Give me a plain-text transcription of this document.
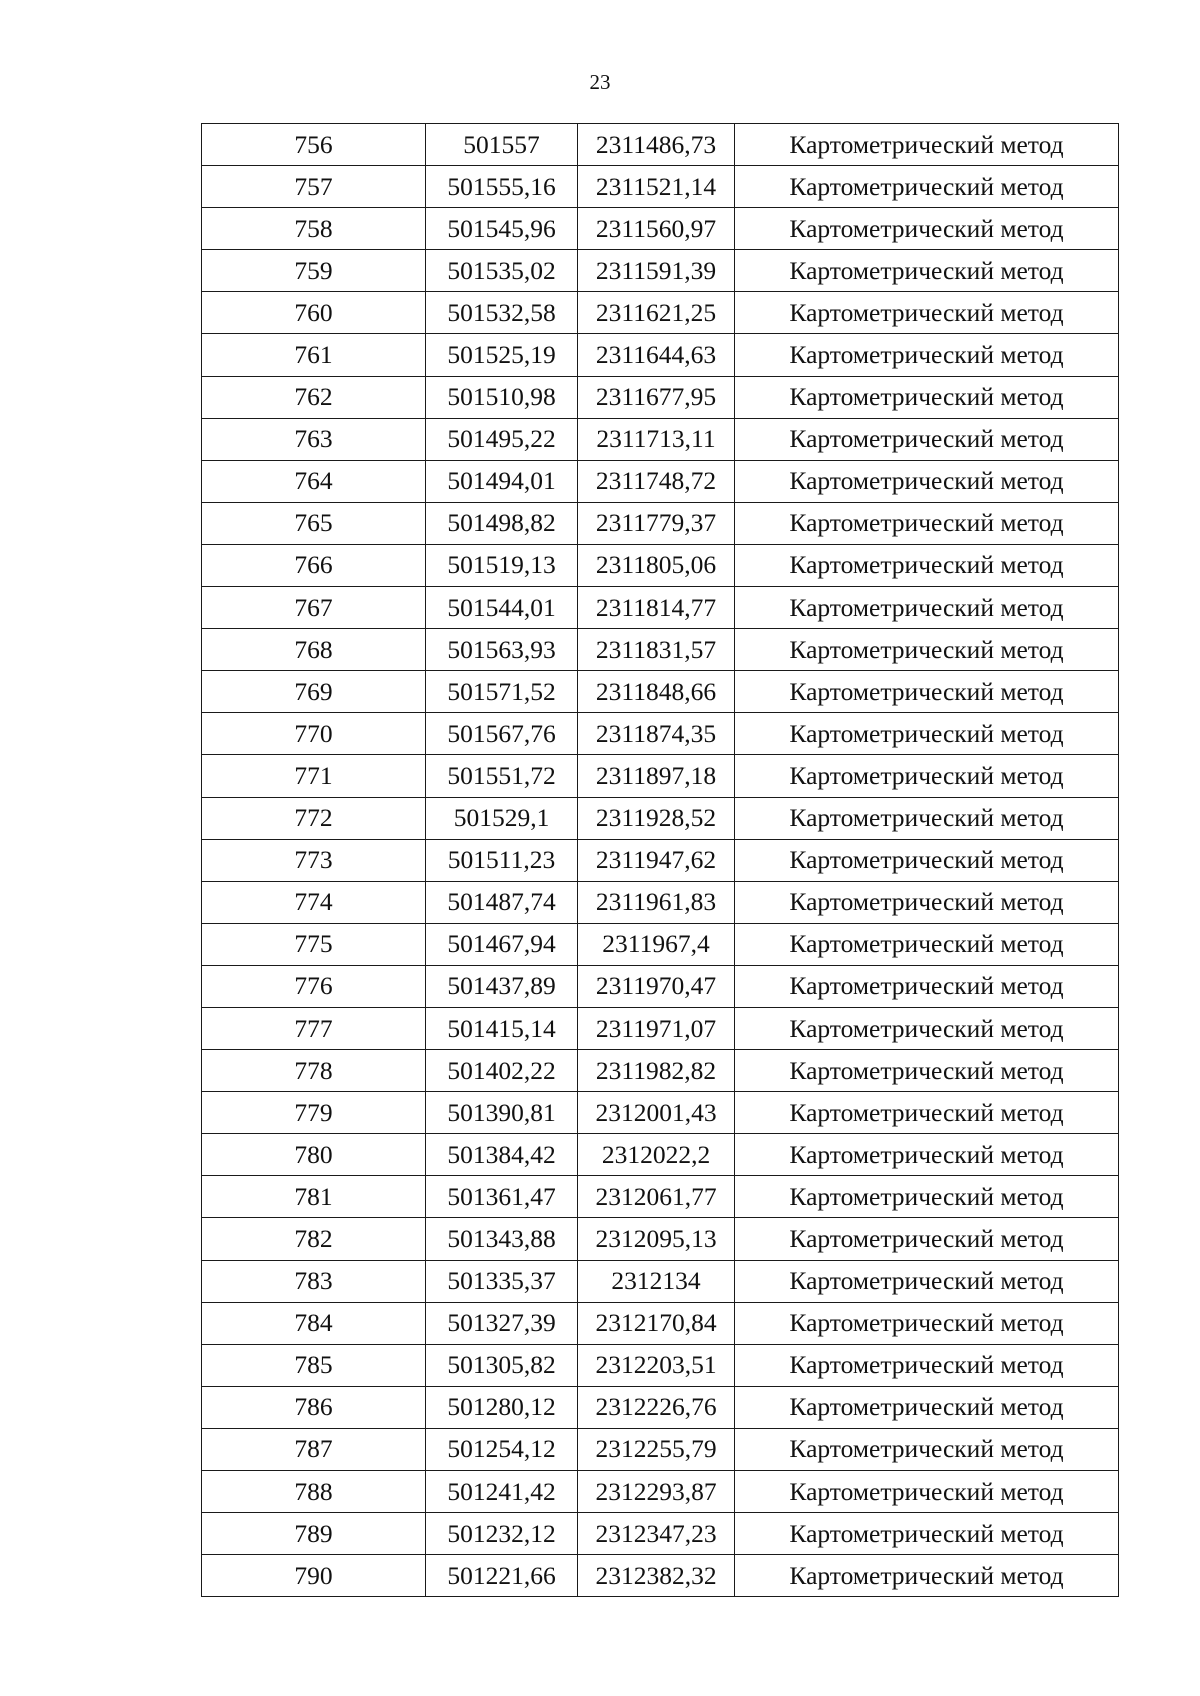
23
756	501557	2311486,73	Картометрический метод
757	501555,16	2311521,14	Картометрический метод
758	501545,96	2311560,97	Картометрический метод
759	501535,02	2311591,39	Картометрический метод
760	501532,58	2311621,25	Картометрический метод
761	501525,19	2311644,63	Картометрический метод
762	501510,98	2311677,95	Картометрический метод
763	501495,22	2311713,11	Картометрический метод
764	501494,01	2311748,72	Картометрический метод
765	501498,82	2311779,37	Картометрический метод
766	501519,13	2311805,06	Картометрический метод
767	501544,01	2311814,77	Картометрический метод
768	501563,93	2311831,57	Картометрический метод
769	501571,52	2311848,66	Картометрический метод
770	501567,76	2311874,35	Картометрический метод
771	501551,72	2311897,18	Картометрический метод
772	501529,1	2311928,52	Картометрический метод
773	501511,23	2311947,62	Картометрический метод
774	501487,74	2311961,83	Картометрический метод
775	501467,94	2311967,4	Картометрический метод
776	501437,89	2311970,47	Картометрический метод
777	501415,14	2311971,07	Картометрический метод
778	501402,22	2311982,82	Картометрический метод
779	501390,81	2312001,43	Картометрический метод
780	501384,42	2312022,2	Картометрический метод
781	501361,47	2312061,77	Картометрический метод
782	501343,88	2312095,13	Картометрический метод
783	501335,37	2312134	Картометрический метод
784	501327,39	2312170,84	Картометрический метод
785	501305,82	2312203,51	Картометрический метод
786	501280,12	2312226,76	Картометрический метод
787	501254,12	2312255,79	Картометрический метод
788	501241,42	2312293,87	Картометрический метод
789	501232,12	2312347,23	Картометрический метод
790	501221,66	2312382,32	Картометрический метод
